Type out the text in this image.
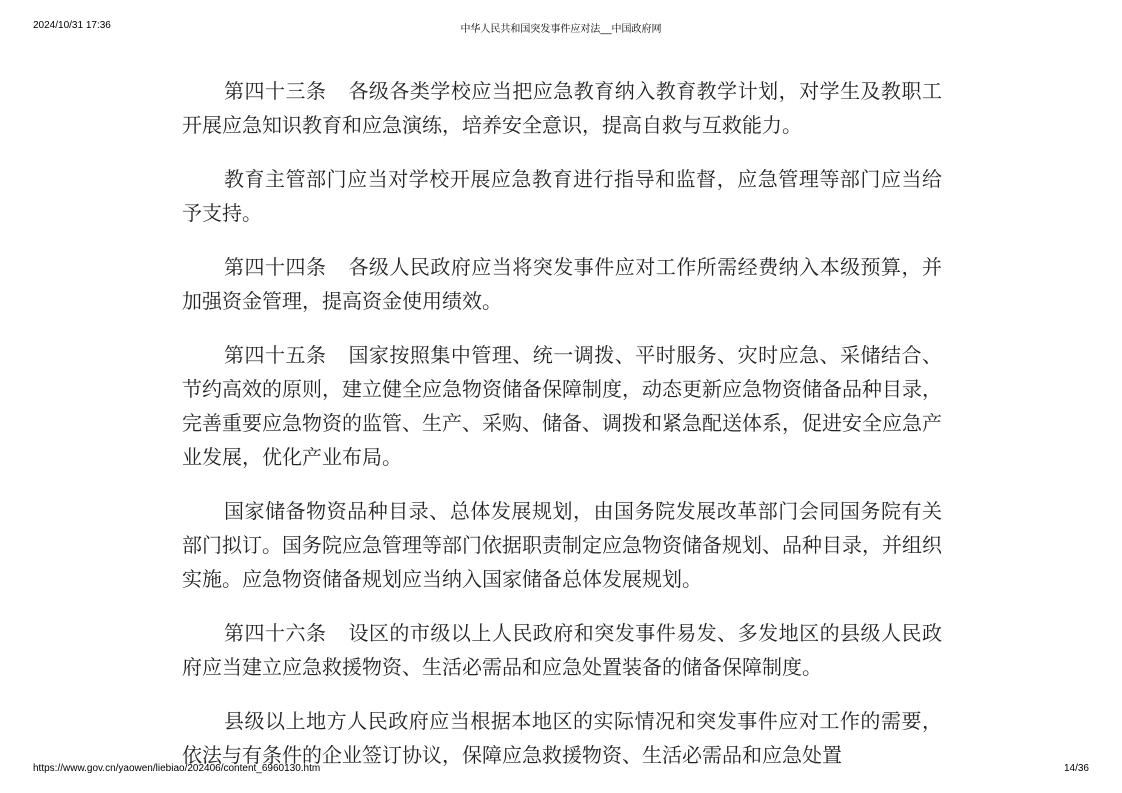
2024/10/31 17:36	中华人民共和国突发事件应对法__中国政府网

第四十三条 各级各类学校应当把应急教育纳入教育教学计划，对学生及教职工开展应急知识教育和应急演练，培养安全意识，提高自救与互救能力。

教育主管部门应当对学校开展应急教育进行指导和监督，应急管理等部门应当给予支持。

第四十四条 各级人民政府应当将突发事件应对工作所需经费纳入本级预算，并加强资金管理，提高资金使用绩效。

第四十五条 国家按照集中管理、统一调拨、平时服务、灾时应急、采储结合、节约高效的原则，建立健全应急物资储备保障制度，动态更新应急物资储备品种目录，完善重要应急物资的监管、生产、采购、储备、调拨和紧急配送体系，促进安全应急产业发展，优化产业布局。

国家储备物资品种目录、总体发展规划，由国务院发展改革部门会同国务院有关部门拟订。国务院应急管理等部门依据职责制定应急物资储备规划、品种目录，并组织实施。应急物资储备规划应当纳入国家储备总体发展规划。

第四十六条 设区的市级以上人民政府和突发事件易发、多发地区的县级人民政府应当建立应急救援物资、生活必需品和应急处置装备的储备保障制度。

县级以上地方人民政府应当根据本地区的实际情况和突发事件应对工作的需要，依法与有条件的企业签订协议，保障应急救援物资、生活必需品和应急处置

https://www.gov.cn/yaowen/liebiao/202406/content_6960130.htm	14/36
